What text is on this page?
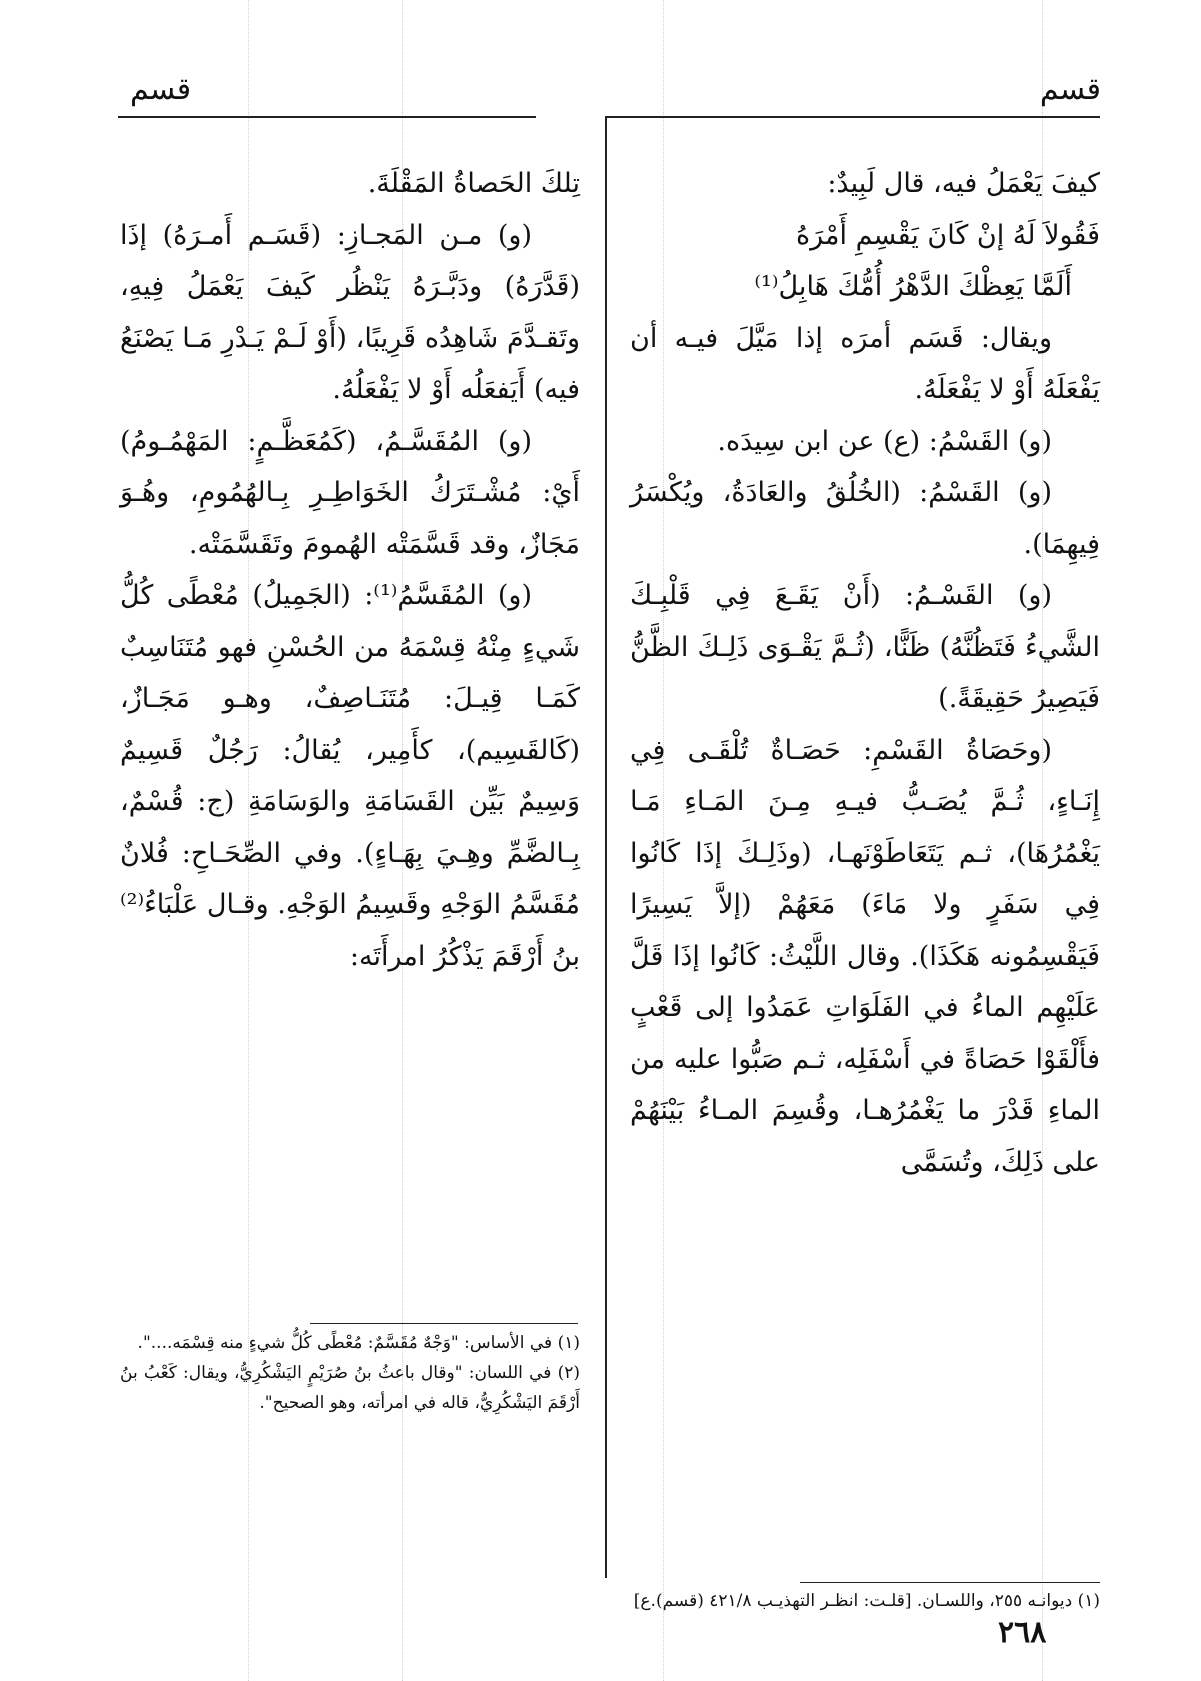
قسم
قسم

كيفَ يَعْمَلُ فيه، قال لَبِيدٌ:

فَقُولاَ لَهُ إنْ كَانَ يَقْسِمِ أَمْرَهُ

أَلَمَّا يَعِظْكَ الدَّهْرُ أُمُّكَ هَابِلُ⁽¹⁾

ويقال: قَسَم أمرَه إذا مَيَّلَ فيـه أن يَفْعَلَهُ أَوْ لا يَفْعَلَهُ.

(و) القَسْمُ: (ع) عن ابن سِيدَه.

(و) القَسْمُ: (الخُلُقُ والعَادَةُ، ويُكْسَرُ فِيهِمَا).

(و) القَسْـمُ: (أَنْ يَقَـعَ فِي قَلْبِـكَ الشَّيءُ فَتَظُنَّهُ) ظَنًّا، (ثُـمَّ يَقْـوَى ذَلِـكَ الظَّنُّ فَيَصِيرُ حَقِيقَةً.)

(وحَصَاةُ القَسْمِ: حَصَـاةٌ تُلْقَـى فِي إِنَـاءٍ، ثُـمَّ يُصَـبُّ فيـهِ مِـنَ المَـاءِ مَـا يَغْمُرُهَا)، ثـم يَتَعَاطَوْنَهـا، (وذَلِـكَ إذَا كَانُوا فِي سَفَرٍ ولا مَاءَ) مَعَهُمْ (إلاَّ يَسِيرًا فَيَقْسِمُونه هَكَذَا). وقال اللَّيْثُ: كَانُوا إذَا قَلَّ عَلَيْهِم الماءُ في الفَلَوَاتِ عَمَدُوا إلى قَعْبٍ فأَلْقَوْا حَصَاةً في أَسْفَلِه، ثـم صَبُّوا عليه من الماءِ قَدْرَ ما يَغْمُرُهـا، وقُسِمَ المـاءُ بَيْنَهُمْ على ذَلِكَ، وتُسَمَّى

تِلكَ الحَصاةُ المَقْلَةَ.

(و) مـن المَجـازِ: (قَسَـم أَمـرَهُ) إذَا (قَدَّرَهُ) ودَبَّـرَهُ يَنْظُر كَيفَ يَعْمَلُ فِيهِ، وتَقـدَّمَ شَاهِدُه قَرِيبًا، (أَوْ لَـمْ يَـدْرِ مَـا يَصْنَعُ فيه) أَيَفعَلُه أَوْ لا يَفْعَلُهُ.

(و) المُقَسَّـمُ، (كَمُعَظَّـمٍ: المَهْمُـومُ) أَيْ: مُشْـتَرَكُ الخَوَاطِـرِ بِـالهُمُومِ، وهُـوَ مَجَازٌ، وقد قَسَّمَتْه الهُمومَ وتَقَسَّمَتْه.

(و) المُقَسَّمُ⁽¹⁾: (الجَمِيلُ) مُعْطًى كُلُّ شَيءٍ مِنْهُ قِسْمَهُ من الحُسْنِ فهو مُتَنَاسِبٌ كَمَـا قِيـلَ: مُتَنَـاصِفٌ، وهـو مَجَـازٌ، (كَالقَسِيم)، كأَمِير، يُقالُ: رَجُلٌ قَسِيمٌ وَسِيمٌ بَيِّن القَسَامَةِ والوَسَامَةِ (ج: قُسْمٌ، بِـالضَّمِّ وهِـيَ بِهَـاءٍ). وفي الصِّحَـاحِ: فُلانٌ مُقَسَّمُ الوَجْهِ وقَسِيمُ الوَجْهِ. وقـال عَلْبَاءُ⁽²⁾ بنُ أَرْقَمَ يَذْكُرُ امرأَتَه:

(١) في الأساس: "وَجْهٌ مُقَسَّمٌ: مُعْطًى كُلُّ شيءٍ منه قِسْمَه....".

(٢) في اللسان: "وقال باعثُ بنُ صُرَيْمٍ اليَشْكُرِيُّ، ويقال: كَعْبُ بنُ أَرْقَمَ اليَشْكُرِيُّ، قاله في امرأته، وهو الصحيح".

(١) ديوانـه ٢٥٥، واللسـان. [قلـت: انظـر التهذيـب ٤٢١/٨ (قسم).ع]

٢٦٨
